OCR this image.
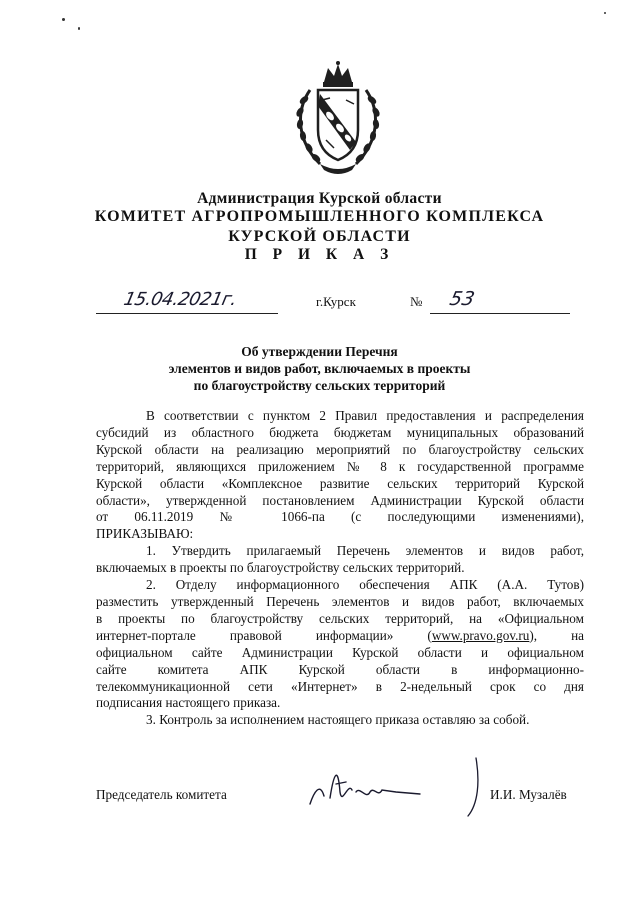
Администрация Курской области
КОМИТЕТ АГРОПРОМЫШЛЕННОГО КОМПЛЕКСА
КУРСКОЙ ОБЛАСТИ
П Р И К А З
15.04.2021г.	г.Курск	№ 53
Об утверждении Перечня
элементов и видов работ, включаемых в проекты
по благоустройству сельских территорий

В соответствии с пунктом 2 Правил предоставления и распределения

субсидий из областного бюджета бюджетам муниципальных образований

Курской области на реализацию мероприятий по благоустройству сельских

территорий, являющихся приложением № 8 к государственной программе

Курской области «Комплексное развитие сельских территорий Курской

области», утвержденной постановлением Администрации Курской области

от 06.11.2019 № 1066-па (с последующими изменениями),

ПРИКАЗЫВАЮ:

1. Утвердить прилагаемый Перечень элементов и видов работ,

включаемых в проекты по благоустройству сельских территорий.

2. Отделу информационного обеспечения АПК (А.А. Тутов)

разместить утвержденный Перечень элементов и видов работ, включаемых

в проекты по благоустройству сельских территорий, на «Официальном

интернет-портале правовой информации» (www.pravo.gov.ru), на

официальном сайте Администрации Курской области и официальном

сайте комитета АПК Курской области в информационно-

телекоммуникационной сети «Интернет» в 2-недельный срок со дня

подписания настоящего приказа.

3. Контроль за исполнением настоящего приказа оставляю за собой.

Председатель комитета	И.И. Музалёв
